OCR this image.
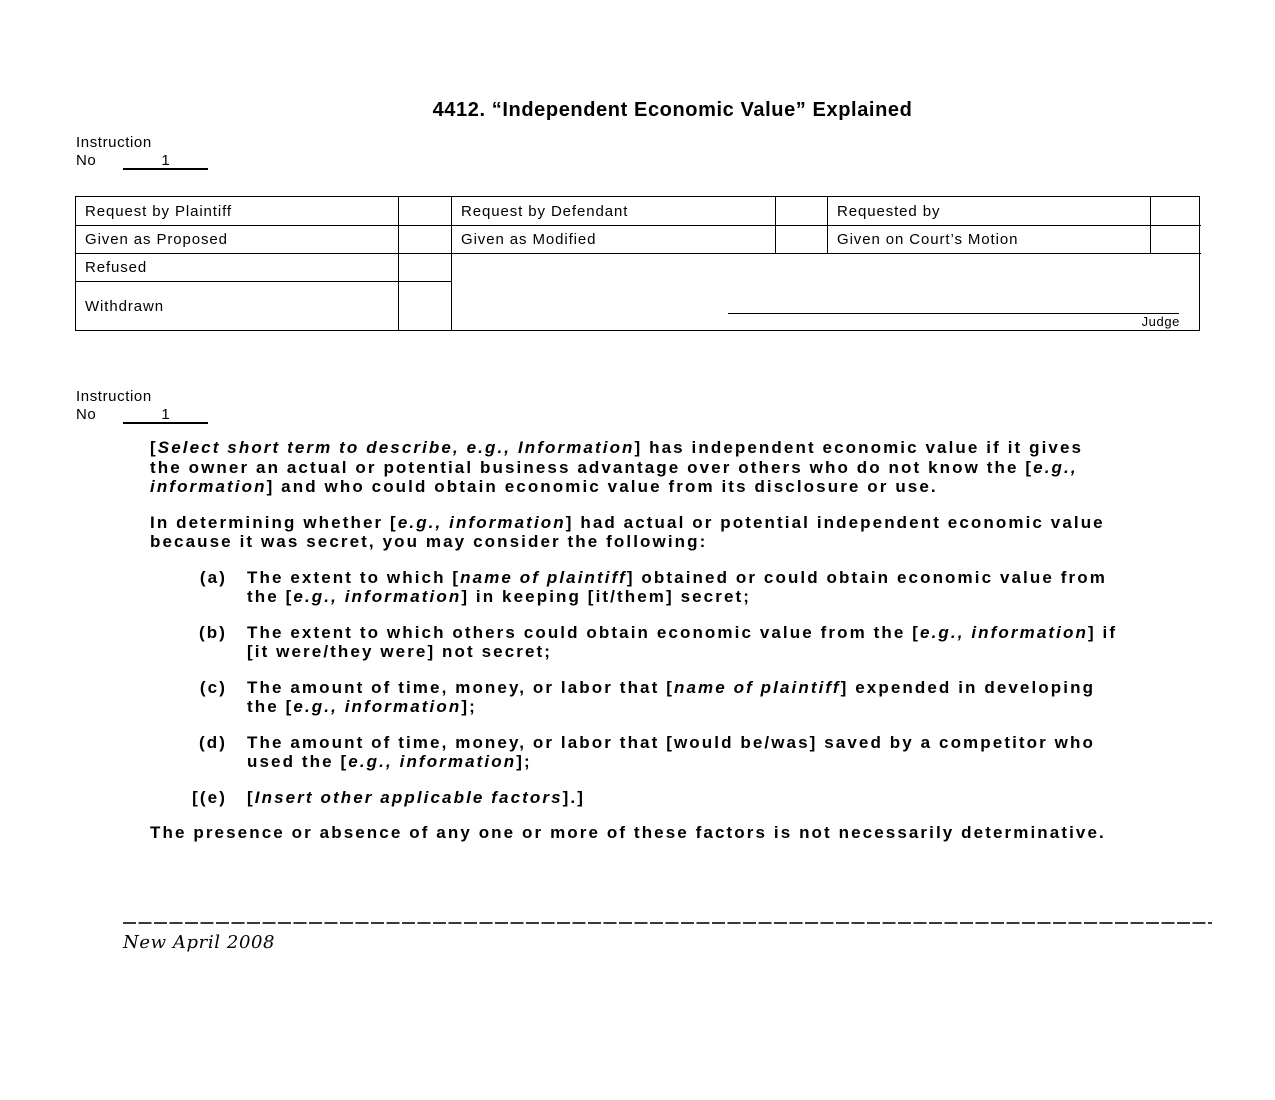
4412. “Independent Economic Value” Explained
Instruction
No	1
Request by Plaintiff	Request by Defendant	Requested by
Given as Proposed	Given as Modified	Given on Court’s Motion
Refused
Judge
Withdrawn
Instruction
No	1
[Select short term to describe, e.g., Information] has independent economic value if it gives the owner an actual or potential business advantage over others who do not know the [e.g., information] and who could obtain economic value from its disclosure or use.
In determining whether [e.g., information] had actual or potential independent economic value because it was secret, you may consider the following:
(a)	The extent to which [name of plaintiff] obtained or could obtain economic value from the [e.g., information] in keeping [it/them] secret;
(b)	The extent to which others could obtain economic value from the [e.g., information] if [it were/they were] not secret;
(c)	The amount of time, money, or labor that [name of plaintiff] expended in developing the [e.g., information];
(d)	The amount of time, money, or labor that [would be/was] saved by a competitor who used the [e.g., information];
[(e)	[Insert other applicable factors].]
The presence or absence of any one or more of these factors is not necessarily determinative.
New April 2008
